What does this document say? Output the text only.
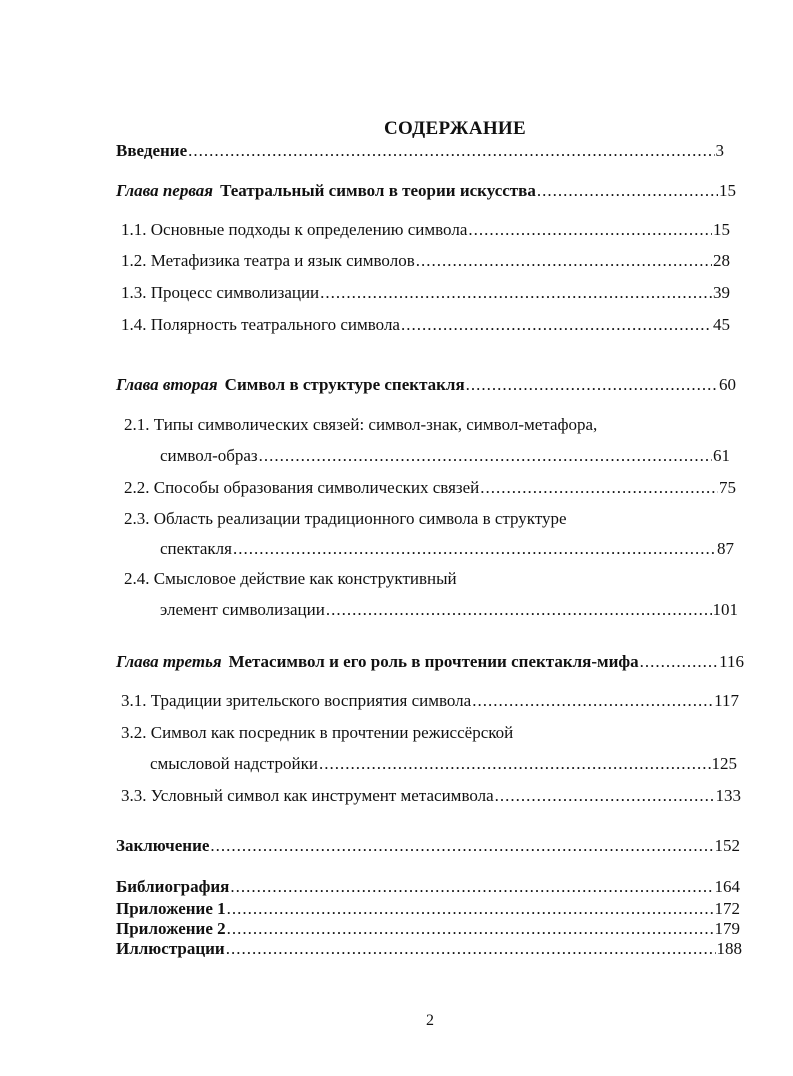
СОДЕРЖАНИЕ
Введение .....	3
Глава первая Театральный символ в теории искусства .....	15
1.1. Основные подходы к определению символа .....	15
1.2. Метафизика театра и язык символов .....	28
1.3. Процесс символизации .....	39
1.4. Полярность театрального символа .....	45
Глава вторая Символ в структуре спектакля .....	60
2.1. Типы символических связей: символ-знак, символ-метафора,
символ-образ .....	61
2.2. Способы образования символических связей .....	75
2.3. Область реализации традиционного символа в структуре
спектакля .....	87
2.4. Смысловое действие как конструктивный
элемент символизации .....	101
Глава третья Метасимвол и его роль в прочтении спектакля-мифа .....	116
3.1. Традиции зрительского восприятия символа .....	117
3.2. Символ как посредник в прочтении режиссёрской
смысловой надстройки .....	125
3.3. Условный символ как инструмент метасимвола .....	133
Заключение .....	152
Библиография .....	164
Приложение 1 .....	172
Приложение 2 .....	179
Иллюстрации .....	188
2
